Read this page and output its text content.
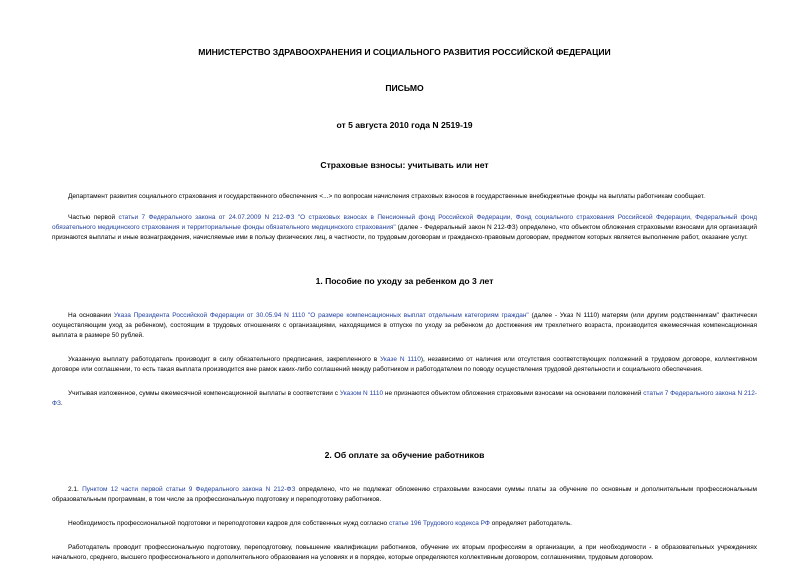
МИНИСТЕРСТВО ЗДРАВООХРАНЕНИЯ И СОЦИАЛЬНОГО РАЗВИТИЯ РОССИЙСКОЙ ФЕДЕРАЦИИ
ПИСЬМО
от 5 августа 2010 года N 2519-19
Страховые взносы: учитывать или нет

Департамент развития социального страхования и государственного обеспечения <...> по вопросам начисления страховых взносов в государственные внебюджетные фонды на выплаты работникам сообщает.

Частью первой статьи 7 Федерального закона от 24.07.2009 N 212-ФЗ "О страховых взносах в Пенсионный фонд Российской Федерации, Фонд социального страхования Российской Федерации, Федеральный фонд обязательного медицинского страхования и территориальные фонды обязательного медицинского страхования" (далее - Федеральный закон N 212-ФЗ) определено, что объектом обложения страховыми взносами для организаций признаются выплаты и иные вознаграждения, начисляемые ими в пользу физических лиц, в частности, по трудовым договорам и гражданско-правовым договорам, предметом которых является выполнение работ, оказание услуг.

1. Пособие по уходу за ребенком до 3 лет

На основании Указа Президента Российской Федерации от 30.05.94 N 1110 "О размере компенсационных выплат отдельным категориям граждан" (далее - Указ N 1110) матерям (или другим родственникам" фактически осуществляющим уход за ребенком), состоящим в трудовых отношениях с организациями, находящимся в отпуске по уходу за ребенком до достижения им трехлетнего возраста, производится ежемесячная компенсационная выплата в размере 50 рублей.

Указанную выплату работодатель производит в силу обязательного предписания, закрепленного в Указе N 1110), независимо от наличия или отсутствия соответствующих положений в трудовом договоре, коллективном договоре или соглашении, то есть такая выплата производится вне рамок каких-либо соглашений между работником и работодателем по поводу осуществления трудовой деятельности и социального обеспечения.

Учитывая изложенное, суммы ежемесячной компенсационной выплаты в соответствии с Указом N 1110 не признаются объектом обложения страховыми взносами на основании положений статьи 7 Федерального закона N 212-ФЗ.

2. Об оплате за обучение работников

2.1. Пунктом 12 части первой статьи 9 Федерального закона N 212-ФЗ определено, что не подлежат обложению страховыми взносами суммы платы за обучение по основным и дополнительным профессиональным образовательным программам, в том числе за профессиональную подготовку и переподготовку работников.

Необходимость профессиональной подготовки и переподготовки кадров для собственных нужд согласно статье 196 Трудового кодекса РФ определяет работодатель.

Работодатель проводит профессиональную подготовку, переподготовку, повышение квалификации работников, обучение их вторым профессиям в организации, а при необходимости - в образовательных учреждениях начального, среднего, высшего профессионального и дополнительного образования на условиях и в порядке, которые определяются коллективным договором, соглашениями, трудовым договором.
